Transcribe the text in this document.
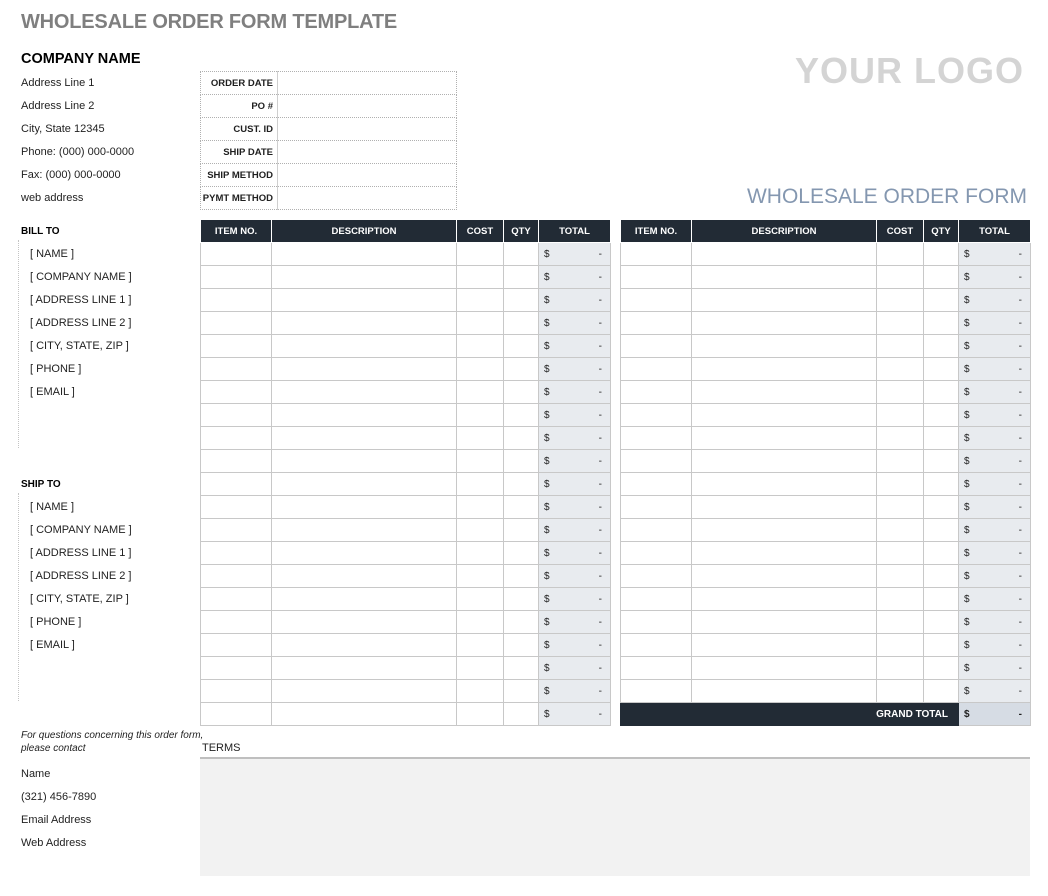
WHOLESALE ORDER FORM TEMPLATE
COMPANY NAME
Address Line 1
Address Line 2
City, State 12345
Phone: (000) 000-0000
Fax: (000) 000-0000
web address
YOUR LOGO
WHOLESALE ORDER FORM
ORDER DATE	
PO #	
CUST. ID	
SHIP DATE	
SHIP METHOD	
PYMT METHOD	
BILL TO
[ NAME ]
[ COMPANY NAME ]
[ ADDRESS LINE 1 ]
[ ADDRESS LINE 2 ]
[ CITY, STATE, ZIP ]
[ PHONE ]
[ EMAIL ]
SHIP TO
[ NAME ]
[ COMPANY NAME ]
[ ADDRESS LINE 1 ]
[ ADDRESS LINE 2 ]
[ CITY, STATE, ZIP ]
[ PHONE ]
[ EMAIL ]
ITEM NO.	DESCRIPTION	COST	QTY	TOTAL

				$ -

				$ -

				$ -

				$ -

				$ -

				$ -

				$ -

				$ -

				$ -

				$ -

				$ -

				$ -

				$ -

				$ -

				$ -

				$ -

				$ -

				$ -

				$ -

				$ -

				$ -
ITEM NO.	DESCRIPTION	COST	QTY	TOTAL

				$ -

				$ -

				$ -

				$ -

				$ -

				$ -

				$ -

				$ -

				$ -

				$ -

				$ -

				$ -

				$ -

				$ -

				$ -

				$ -

				$ -

				$ -

				$ -

				$ -

GRAND TOTAL				$ -
For questions concerning this order form,
please contact
Name
(321) 456-7890
Email Address
Web Address
TERMS
